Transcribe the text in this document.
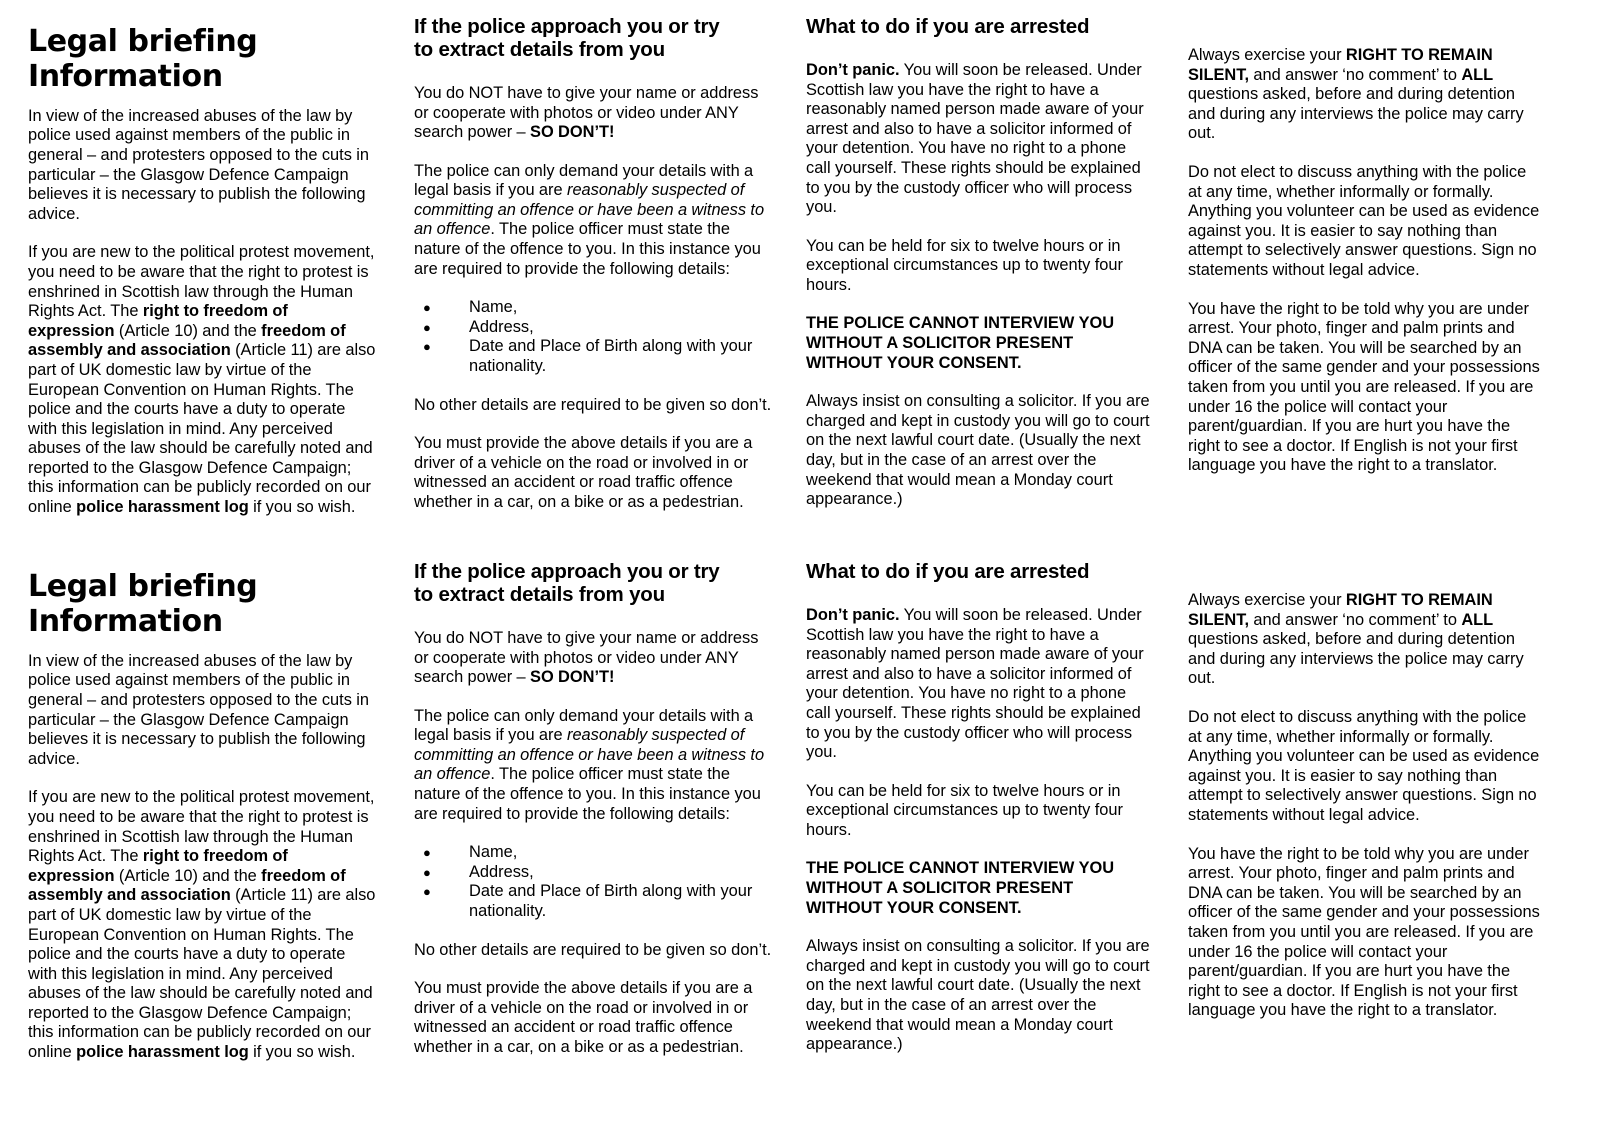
Legal briefing
Information

In view of the increased abuses of the law by police used against members of the public in general – and protesters opposed to the cuts in particular – the Glasgow Defence Campaign believes it is necessary to publish the following advice.

If you are new to the political protest movement, you need to be aware that the right to protest is enshrined in Scottish law through the Human Rights Act. The right to freedom of expression (Article 10) and the freedom of assembly and association (Article 11) are also part of UK domestic law by virtue of the European Convention on Human Rights. The police and the courts have a duty to operate with this legislation in mind. Any perceived abuses of the law should be carefully noted and reported to the Glasgow Defence Campaign; this information can be publicly recorded on our online police harassment log if you so wish.

If the police approach you or try
to extract details from you

You do NOT have to give your name or address or cooperate with photos or video under ANY search power – SO DON’T!

The police can only demand your details with a legal basis if you are reasonably suspected of committing an offence or have been a witness to an offence. The police officer must state the nature of the offence to you. In this instance you are required to provide the following details:

● Name,
● Address,
● Date and Place of Birth along with your nationality.

No other details are required to be given so don’t.

You must provide the above details if you are a driver of a vehicle on the road or involved in or witnessed an accident or road traffic offence whether in a car, on a bike or as a pedestrian.

What to do if you are arrested

Don’t panic. You will soon be released. Under Scottish law you have the right to have a reasonably named person made aware of your arrest and also to have a solicitor informed of your detention. You have no right to a phone call yourself. These rights should be explained to you by the custody officer who will process you.

You can be held for six to twelve hours or in exceptional circumstances up to twenty four hours.

THE POLICE CANNOT INTERVIEW YOU WITHOUT A SOLICITOR PRESENT WITHOUT YOUR CONSENT.

Always insist on consulting a solicitor. If you are charged and kept in custody you will go to court on the next lawful court date. (Usually the next day, but in the case of an arrest over the weekend that would mean a Monday court appearance.)

Always exercise your RIGHT TO REMAIN SILENT, and answer ‘no comment’ to ALL questions asked, before and during detention and during any interviews the police may carry out.

Do not elect to discuss anything with the police at any time, whether informally or formally. Anything you volunteer can be used as evidence against you. It is easier to say nothing than attempt to selectively answer questions. Sign no statements without legal advice.

You have the right to be told why you are under arrest. Your photo, finger and palm prints and DNA can be taken. You will be searched by an officer of the same gender and your possessions taken from you until you are released. If you are under 16 the police will contact your parent/guardian. If you are hurt you have the right to see a doctor. If English is not your first language you have the right to a translator.

Legal briefing
Information

In view of the increased abuses of the law by police used against members of the public in general – and protesters opposed to the cuts in particular – the Glasgow Defence Campaign believes it is necessary to publish the following advice.

If you are new to the political protest movement, you need to be aware that the right to protest is enshrined in Scottish law through the Human Rights Act. The right to freedom of expression (Article 10) and the freedom of assembly and association (Article 11) are also part of UK domestic law by virtue of the European Convention on Human Rights. The police and the courts have a duty to operate with this legislation in mind. Any perceived abuses of the law should be carefully noted and reported to the Glasgow Defence Campaign; this information can be publicly recorded on our online police harassment log if you so wish.

If the police approach you or try
to extract details from you

You do NOT have to give your name or address or cooperate with photos or video under ANY search power – SO DON’T!

The police can only demand your details with a legal basis if you are reasonably suspected of committing an offence or have been a witness to an offence. The police officer must state the nature of the offence to you. In this instance you are required to provide the following details:

● Name,
● Address,
● Date and Place of Birth along with your nationality.

No other details are required to be given so don’t.

You must provide the above details if you are a driver of a vehicle on the road or involved in or witnessed an accident or road traffic offence whether in a car, on a bike or as a pedestrian.

What to do if you are arrested

Don’t panic. You will soon be released. Under Scottish law you have the right to have a reasonably named person made aware of your arrest and also to have a solicitor informed of your detention. You have no right to a phone call yourself. These rights should be explained to you by the custody officer who will process you.

You can be held for six to twelve hours or in exceptional circumstances up to twenty four hours.

THE POLICE CANNOT INTERVIEW YOU WITHOUT A SOLICITOR PRESENT WITHOUT YOUR CONSENT.

Always insist on consulting a solicitor. If you are charged and kept in custody you will go to court on the next lawful court date. (Usually the next day, but in the case of an arrest over the weekend that would mean a Monday court appearance.)

Always exercise your RIGHT TO REMAIN SILENT, and answer ‘no comment’ to ALL questions asked, before and during detention and during any interviews the police may carry out.

Do not elect to discuss anything with the police at any time, whether informally or formally. Anything you volunteer can be used as evidence against you. It is easier to say nothing than attempt to selectively answer questions. Sign no statements without legal advice.

You have the right to be told why you are under arrest. Your photo, finger and palm prints and DNA can be taken. You will be searched by an officer of the same gender and your possessions taken from you until you are released. If you are under 16 the police will contact your parent/guardian. If you are hurt you have the right to see a doctor. If English is not your first language you have the right to a translator.
